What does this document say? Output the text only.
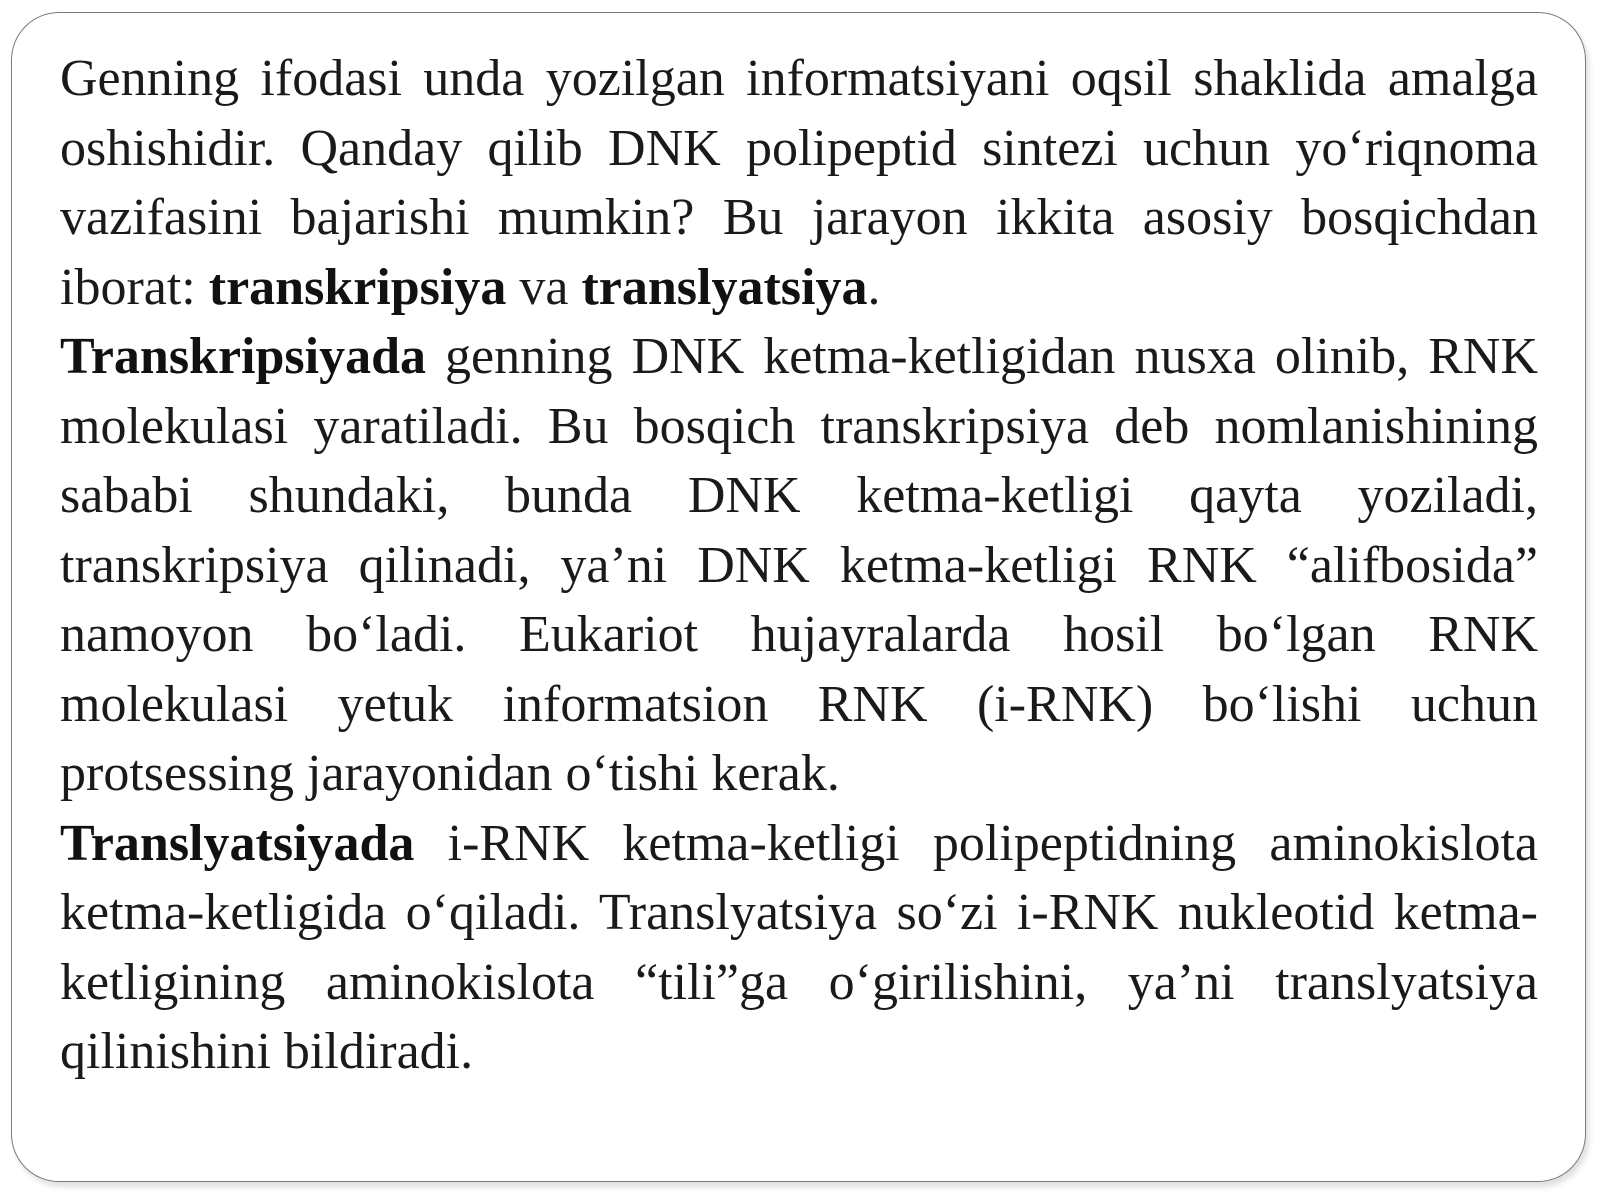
Genning ifodasi unda yozilgan informatsiyani oqsil shaklida amalga oshishidir. Qanday qilib DNK polipeptid sintezi uchun yo‘riqnoma vazifasini bajarishi mumkin? Bu jarayon ikkita asosiy bosqichdan iborat: transkripsiya va translyatsiya.

Transkripsiyada genning DNK ketma-ketligidan nusxa olinib, RNK molekulasi yaratiladi. Bu bosqich transkripsiya deb nomlanishining sababi shundaki, bunda DNK ketma-ketligi qayta yoziladi, transkripsiya qilinadi, ya’ni DNK ketma-ketligi RNK “alifbosida” namoyon bo‘ladi. Eukariot hujayralarda hosil bo‘lgan RNK molekulasi yetuk informatsion RNK (i-RNK) bo‘lishi uchun protsessing jarayonidan o‘tishi kerak.

Translyatsiyada i-RNK ketma-ketligi polipeptidning aminokislota ketma-ketligida o‘qiladi. Translyatsiya so‘zi i-RNK nukleotid ketma-ketligining aminokislota “tili”ga o‘girilishini, ya’ni translyatsiya qilinishini bildiradi.
